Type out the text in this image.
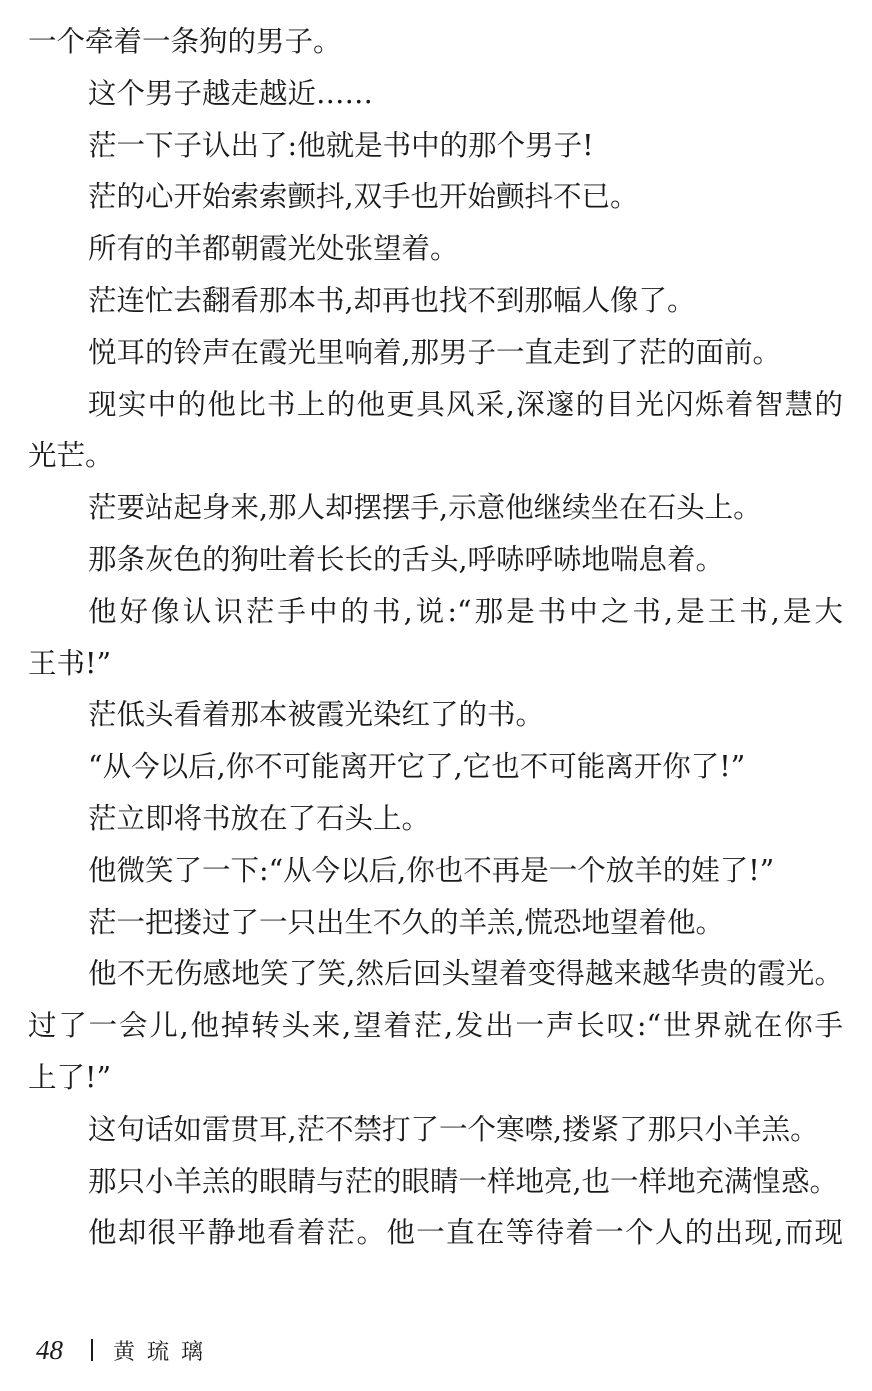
一个牵着一条狗的男子。
这个男子越走越近……
茫一下子认出了:他就是书中的那个男子!
茫的心开始索索颤抖,双手也开始颤抖不已。
所有的羊都朝霞光处张望着。
茫连忙去翻看那本书,却再也找不到那幅人像了。
悦耳的铃声在霞光里响着,那男子一直走到了茫的面前。
现实中的他比书上的他更具风采,深邃的目光闪烁着智慧的
光芒。
茫要站起身来,那人却摆摆手,示意他继续坐在石头上。
那条灰色的狗吐着长长的舌头,呼哧呼哧地喘息着。
他好像认识茫手中的书,说:“那是书中之书,是王书,是大
王书!”
茫低头看着那本被霞光染红了的书。
“从今以后,你不可能离开它了,它也不可能离开你了!”
茫立即将书放在了石头上。
他微笑了一下:“从今以后,你也不再是一个放羊的娃了!”
茫一把搂过了一只出生不久的羊羔,慌恐地望着他。
他不无伤感地笑了笑,然后回头望着变得越来越华贵的霞光。
过了一会儿,他掉转头来,望着茫,发出一声长叹:“世界就在你手
上了!”
这句话如雷贯耳,茫不禁打了一个寒噤,搂紧了那只小羊羔。
那只小羊羔的眼睛与茫的眼睛一样地亮,也一样地充满惶惑。
他却很平静地看着茫。他一直在等待着一个人的出现,而现
48 黄琉璃
